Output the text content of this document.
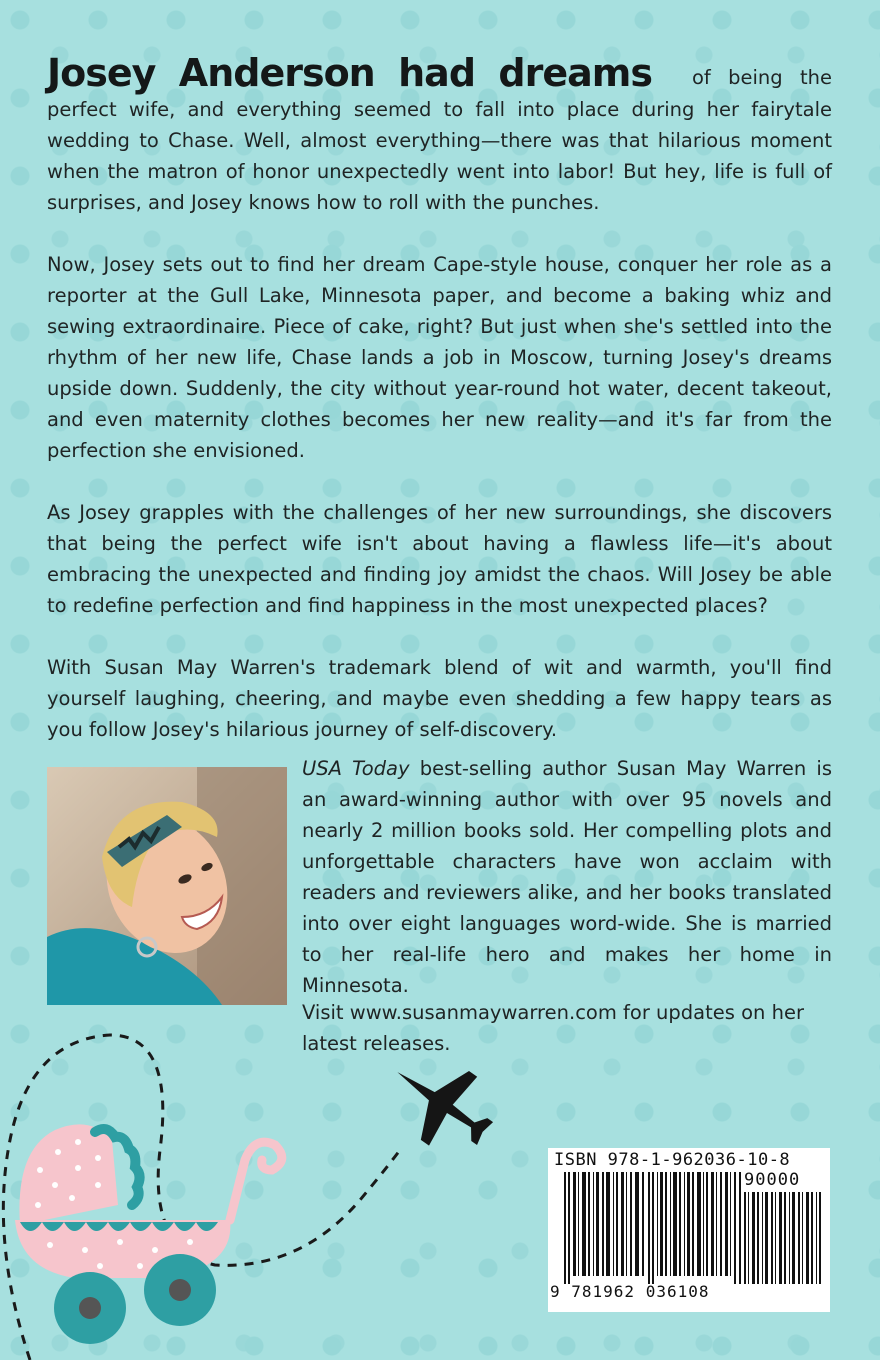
Josey Anderson had dreams of being the perfect wife, and everything seemed to fall into place during her fairytale wedding to Chase. Well, almost everything—there was that hilarious moment when the matron of honor unexpectedly went into labor! But hey, life is full of surprises, and Josey knows how to roll with the punches.

Now, Josey sets out to find her dream Cape-style house, conquer her role as a reporter at the Gull Lake, Minnesota paper, and become a baking whiz and sewing extraordinaire. Piece of cake, right? But just when she's settled into the rhythm of her new life, Chase lands a job in Moscow, turning Josey's dreams upside down. Suddenly, the city without year-round hot water, decent takeout, and even maternity clothes becomes her new reality—and it's far from the perfection she envisioned.

As Josey grapples with the challenges of her new surroundings, she discovers that being the perfect wife isn't about having a flawless life—it's about embracing the unexpected and finding joy amidst the chaos. Will Josey be able to redefine perfection and find happiness in the most unexpected places?

With Susan May Warren's trademark blend of wit and warmth, you'll find yourself laughing, cheering, and maybe even shedding a few happy tears as you follow Josey's hilarious journey of self-discovery.

USA Today best-selling author Susan May Warren is an award-winning author with over 95 novels and nearly 2 million books sold. Her compelling plots and unforgettable characters have won acclaim with readers and reviewers alike, and her books translated into over eight languages word-wide. She is married to her real-life hero and makes her home in Minnesota.
Visit www.susanmaywarren.com for updates on her latest releases.
ISBN 978-1-962036-10-8
90000
9 781962 036108
